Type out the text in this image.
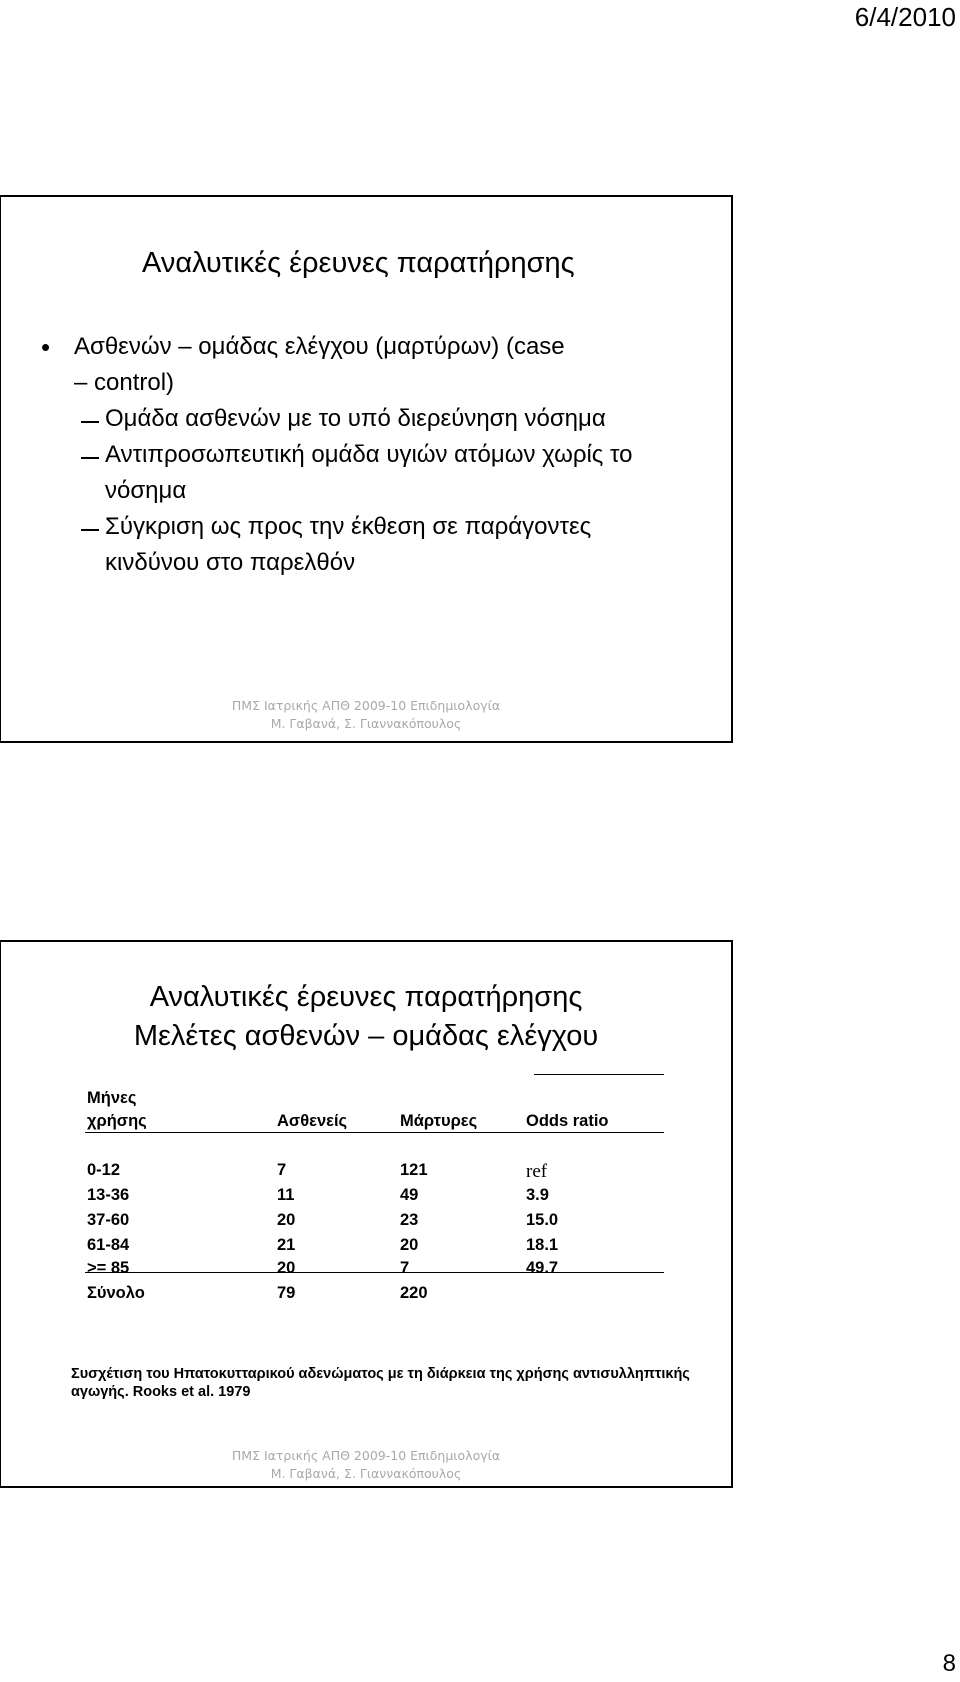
6/4/2010
Αναλυτικές έρευνες παρατήρησης
• Ασθενών – ομάδας ελέγχου (μαρτύρων) (case
– control)
Ομάδα ασθενών με το υπό διερεύνηση νόσημα
Αντιπροσωπευτική ομάδα υγιών ατόμων χωρίς το
νόσημα
Σύγκριση ως προς την έκθεση σε παράγοντες
κινδύνου στο παρελθόν
ΠΜΣ Ιατρικής ΑΠΘ 2009-10 Επιδημιολογία
Μ. Γαβανά, Σ. Γιαννακόπουλος
Αναλυτικές έρευνες παρατήρησης
Μελέτες ασθενών – ομάδας ελέγχου
Μήνες
χρήσης	Ασθενείς	Μάρτυρες	Odds ratio
0-12	7	121	ref
13-36	11	49	3.9
37-60	20	23	15.0
61-84	21	20	18.1
>= 85	20	7	49.7
Σύνολο	79	220
Συσχέτιση του Ηπατοκυτταρικού αδενώματος με τη διάρκεια της χρήσης αντισυλληπτικής αγωγής. Rooks et al. 1979
ΠΜΣ Ιατρικής ΑΠΘ 2009-10 Επιδημιολογία
Μ. Γαβανά, Σ. Γιαννακόπουλος
8
